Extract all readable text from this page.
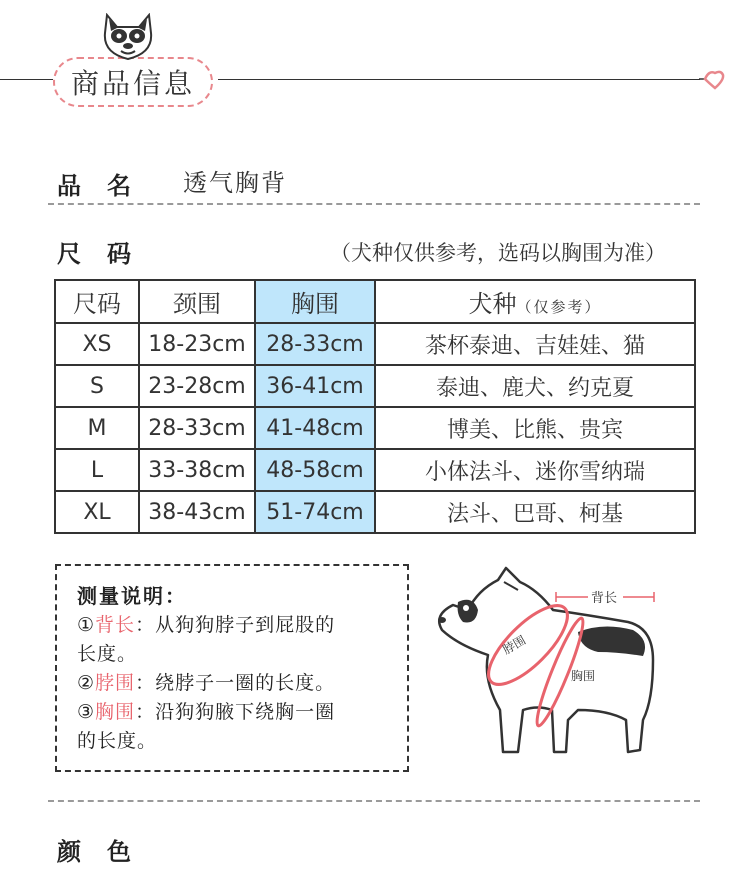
商品信息
品名 透气胸背
尺码	（犬种仅供参考，选码以胸围为准）
尺码	颈围	胸围	犬种（仅参考）
XS	18-23cm	28-33cm	茶杯泰迪、吉娃娃、猫
S	23-28cm	36-41cm	泰迪、鹿犬、约克夏
M	28-33cm	41-48cm	博美、比熊、贵宾
L	33-38cm	48-58cm	小体法斗、迷你雪纳瑞
XL	38-43cm	51-74cm	法斗、巴哥、柯基
测量说明：
①背长：从狗狗脖子到屁股的
长度。
②脖围：绕脖子一圈的长度。
③胸围：沿狗狗腋下绕胸一圈
的长度。
背长
脖围
胸围
颜色
